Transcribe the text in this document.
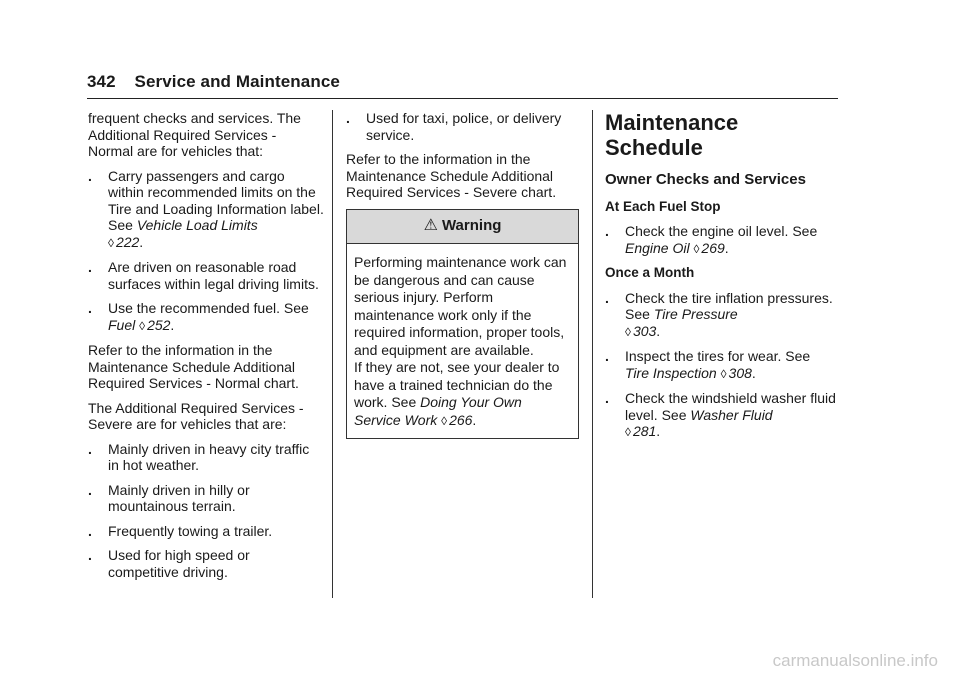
342 Service and Maintenance

frequent checks and services. The Additional Required Services - Normal are for vehicles that:

.	Carry passengers and cargo within recommended limits on the Tire and Loading Information label. See Vehicle Load Limits
◊ 222.
.	Are driven on reasonable road surfaces within legal driving limits.
.	Use the recommended fuel. See
Fuel ◊ 252.

Refer to the information in the Maintenance Schedule Additional Required Services - Normal chart.

The Additional Required Services - Severe are for vehicles that are:

.	Mainly driven in heavy city traffic in hot weather.
.	Mainly driven in hilly or mountainous terrain.
.	Frequently towing a trailer.
.	Used for high speed or competitive driving.
.	Used for taxi, police, or delivery service.

Refer to the information in the Maintenance Schedule Additional Required Services - Severe chart.

⚠ Warning
Performing maintenance work can
be dangerous and can cause
serious injury. Perform
maintenance work only if the
required information, proper tools,
and equipment are available.
If they are not, see your dealer to
have a trained technician do the
work. See Doing Your Own
Service Work ◊ 266.
Maintenance Schedule
Owner Checks and Services
At Each Fuel Stop
.	Check the engine oil level. See
Engine Oil ◊ 269.
Once a Month
.	Check the tire inflation pressures. See Tire Pressure
◊ 303.
.	Inspect the tires for wear. See
Tire Inspection ◊ 308.
.	Check the windshield washer fluid level. See Washer Fluid
◊ 281.
carmanualsonline.info
